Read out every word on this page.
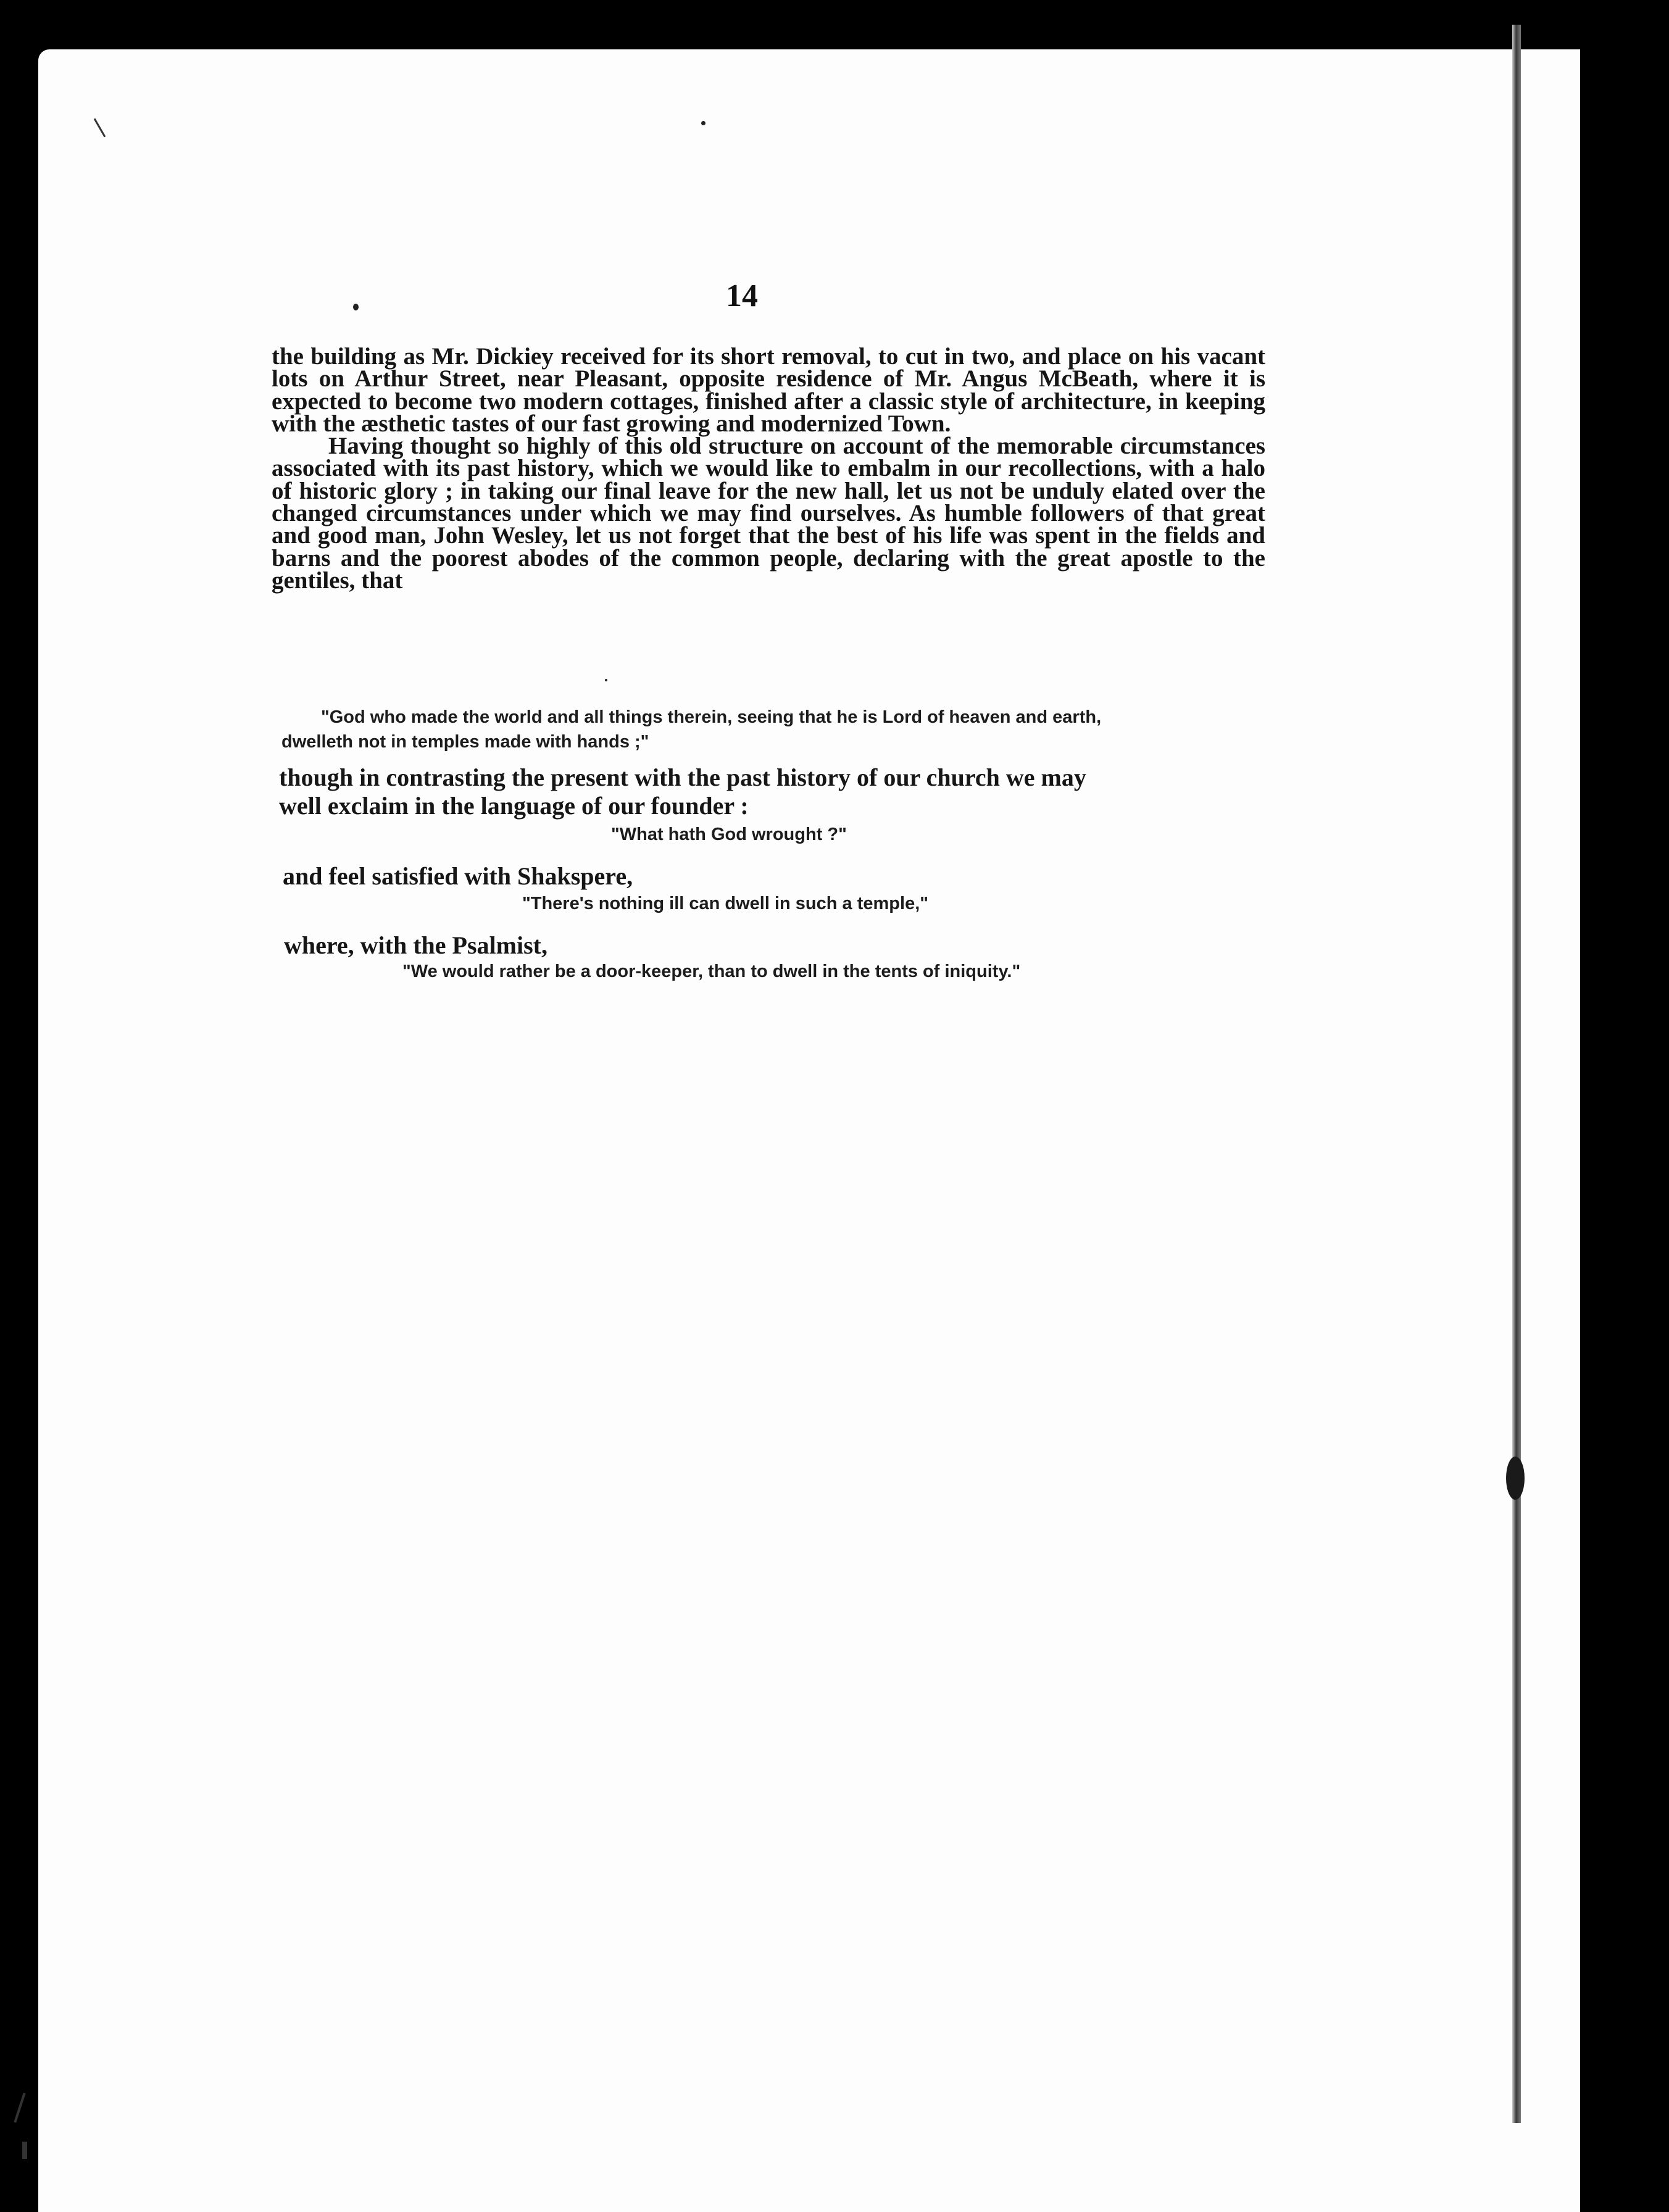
14

the building as Mr. Dickiey received for its short removal, to cut in two, and place on his vacant lots on Arthur Street, near Pleasant, opposite residence of Mr. Angus McBeath, where it is expected to become two modern cottages, finished after a classic style of architecture, in keeping with the æsthetic tastes of our fast growing and modernized Town.

Having thought so highly of this old structure on account of the memorable circumstances associated with its past history, which we would like to embalm in our recollections, with a halo of historic glory ; in taking our final leave for the new hall, let us not be unduly elated over the changed circumstances under which we may find ourselves. As humble followers of that great and good man, John Wesley, let us not forget that the best of his life was spent in the fields and barns and the poorest abodes of the common people, declaring with the great apostle to the gentiles, that

"God who made the world and all things therein, seeing that he is Lord of heaven and earth,
dwelleth not in temples made with hands ;"
though in contrasting the present with the past history of our church we may
well exclaim in the language of our founder :
"What hath God wrought ?"
and feel satisfied with Shakspere,
"There's nothing ill can dwell in such a temple,"
where, with the Psalmist,
"We would rather be a door-keeper, than to dwell in the tents of iniquity."
